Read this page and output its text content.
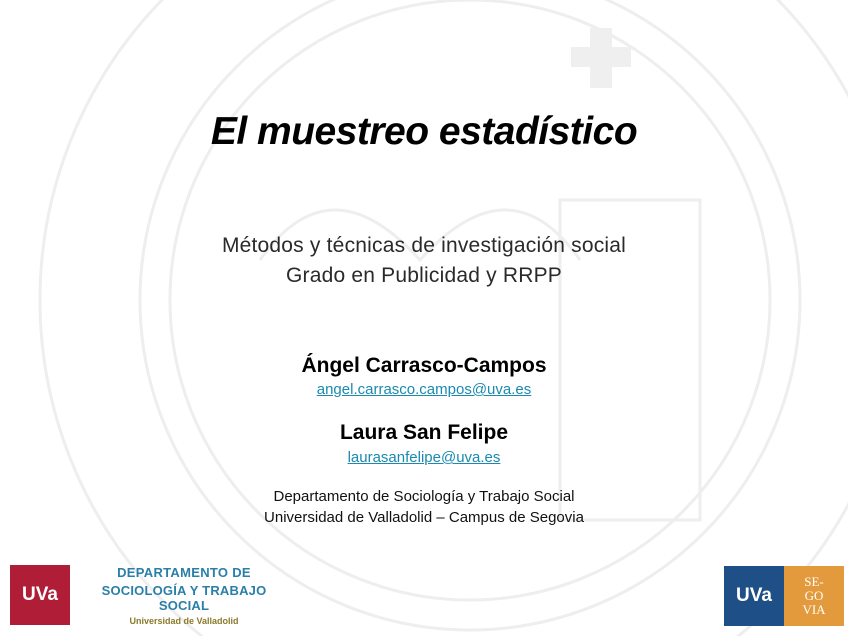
El muestreo estadístico
Métodos y técnicas de investigación social
Grado en Publicidad y RRPP
Ángel Carrasco-Campos
angel.carrasco.campos@uva.es
Laura San Felipe
laurasanfelipe@uva.es
Departamento de Sociología y Trabajo Social
Universidad de Valladolid – Campus de Segovia
UVa
DEPARTAMENTO DE
SOCIOLOGÍA Y TRABAJO SOCIAL
Universidad de Valladolid
UVa
SE-
GO
VIA
